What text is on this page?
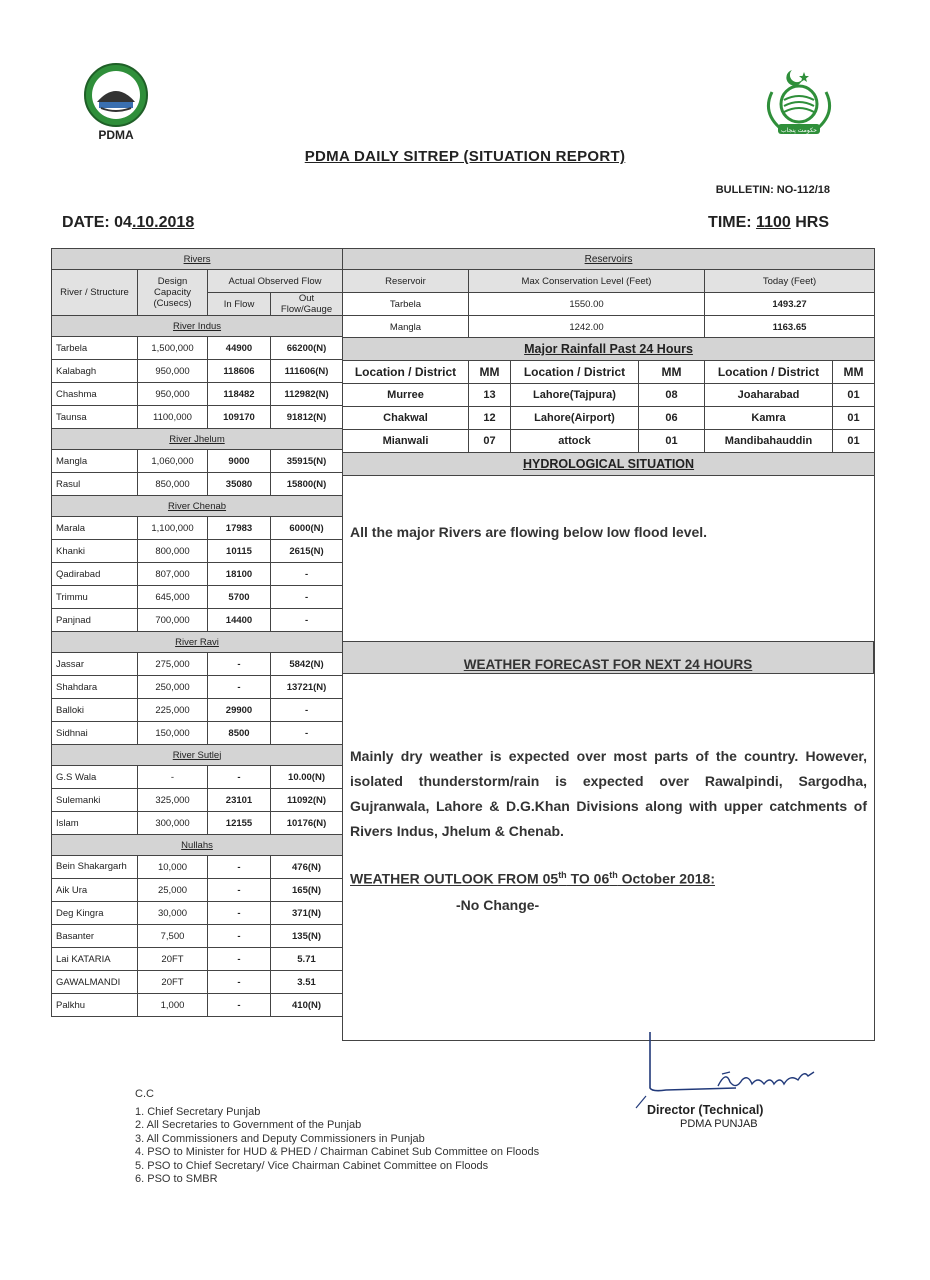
PDMA	حکومت پنجاب
PDMA DAILY SITREP (SITUATION REPORT)
BULLETIN: NO-112/18
DATE: 04.10.2018	TIME: 1100 HRS
Rivers			
River / Structure	Design Capacity (Cusecs)	Actual Observed Flow	
		In Flow	Out Flow/Gauge
River Indus			
Tarbela	1,500,000	44900	66200(N)
Kalabagh	950,000	118606	111606(N)
Chashma	950,000	118482	112982(N)
Taunsa	1100,000	109170	91812(N)
River Jhelum			
Mangla	1,060,000	9000	35915(N)
Rasul	850,000	35080	15800(N)
River Chenab			
Marala	1,100,000	17983	6000(N)
Khanki	800,000	10115	2615(N)
Qadirabad	807,000	18100	-
Trimmu	645,000	5700	-
Panjnad	700,000	14400	-
River Ravi			
Jassar	275,000	-	5842(N)
Shahdara	250,000	-	13721(N)
Balloki	225,000	29900	-
Sidhnai	150,000	8500	-
River Sutlej			
G.S Wala	-	-	10.00(N)
Sulemanki	325,000	23101	11092(N)
Islam	300,000	12155	10176(N)
Nullahs			
Bein Shakargarh	10,000	-	476(N)
Aik Ura	25,000	-	165(N)
Deg Kingra	30,000	-	371(N)
Basanter	7,500	-	135(N)
Lai KATARIA	20FT	-	5.71
GAWALMANDI	20FT	-	3.51
Palkhu	1,000	-	410(N)
Reservoirs		
Reservoir	Max Conservation Level (Feet)	Today (Feet)
Tarbela	1550.00	1493.27
Mangla	1242.00	1163.65
Major Rainfall Past 24 Hours					
Location / District	MM	Location / District	MM	Location / District	MM
Murree	13	Lahore(Tajpura)	08	Joaharabad	01
Chakwal	12	Lahore(Airport)	06	Kamra	01
Mianwali	07	attock	01	Mandibahauddin	01
HYDROLOGICAL SITUATION					
All the major Rivers are flowing below low flood level.
WEATHER FORECAST FOR NEXT 24 HOURS
Mainly dry weather is expected over most parts of the country. However, isolated thunderstorm/rain is expected over Rawalpindi, Sargodha, Gujranwala, Lahore & D.G.Khan Divisions along with upper catchments of Rivers Indus, Jhelum & Chenab.
WEATHER OUTLOOK FROM 05th TO 06th October 2018:
-No Change-
C.C
1. Chief Secretary Punjab
2. All Secretaries to Government of the Punjab
3. All Commissioners and Deputy Commissioners in Punjab
4. PSO to Minister for HUD & PHED / Chairman Cabinet Sub Committee on Floods
5. PSO to Chief Secretary/ Vice Chairman Cabinet Committee on Floods
6. PSO to SMBR
Director (Technical)
PDMA PUNJAB
